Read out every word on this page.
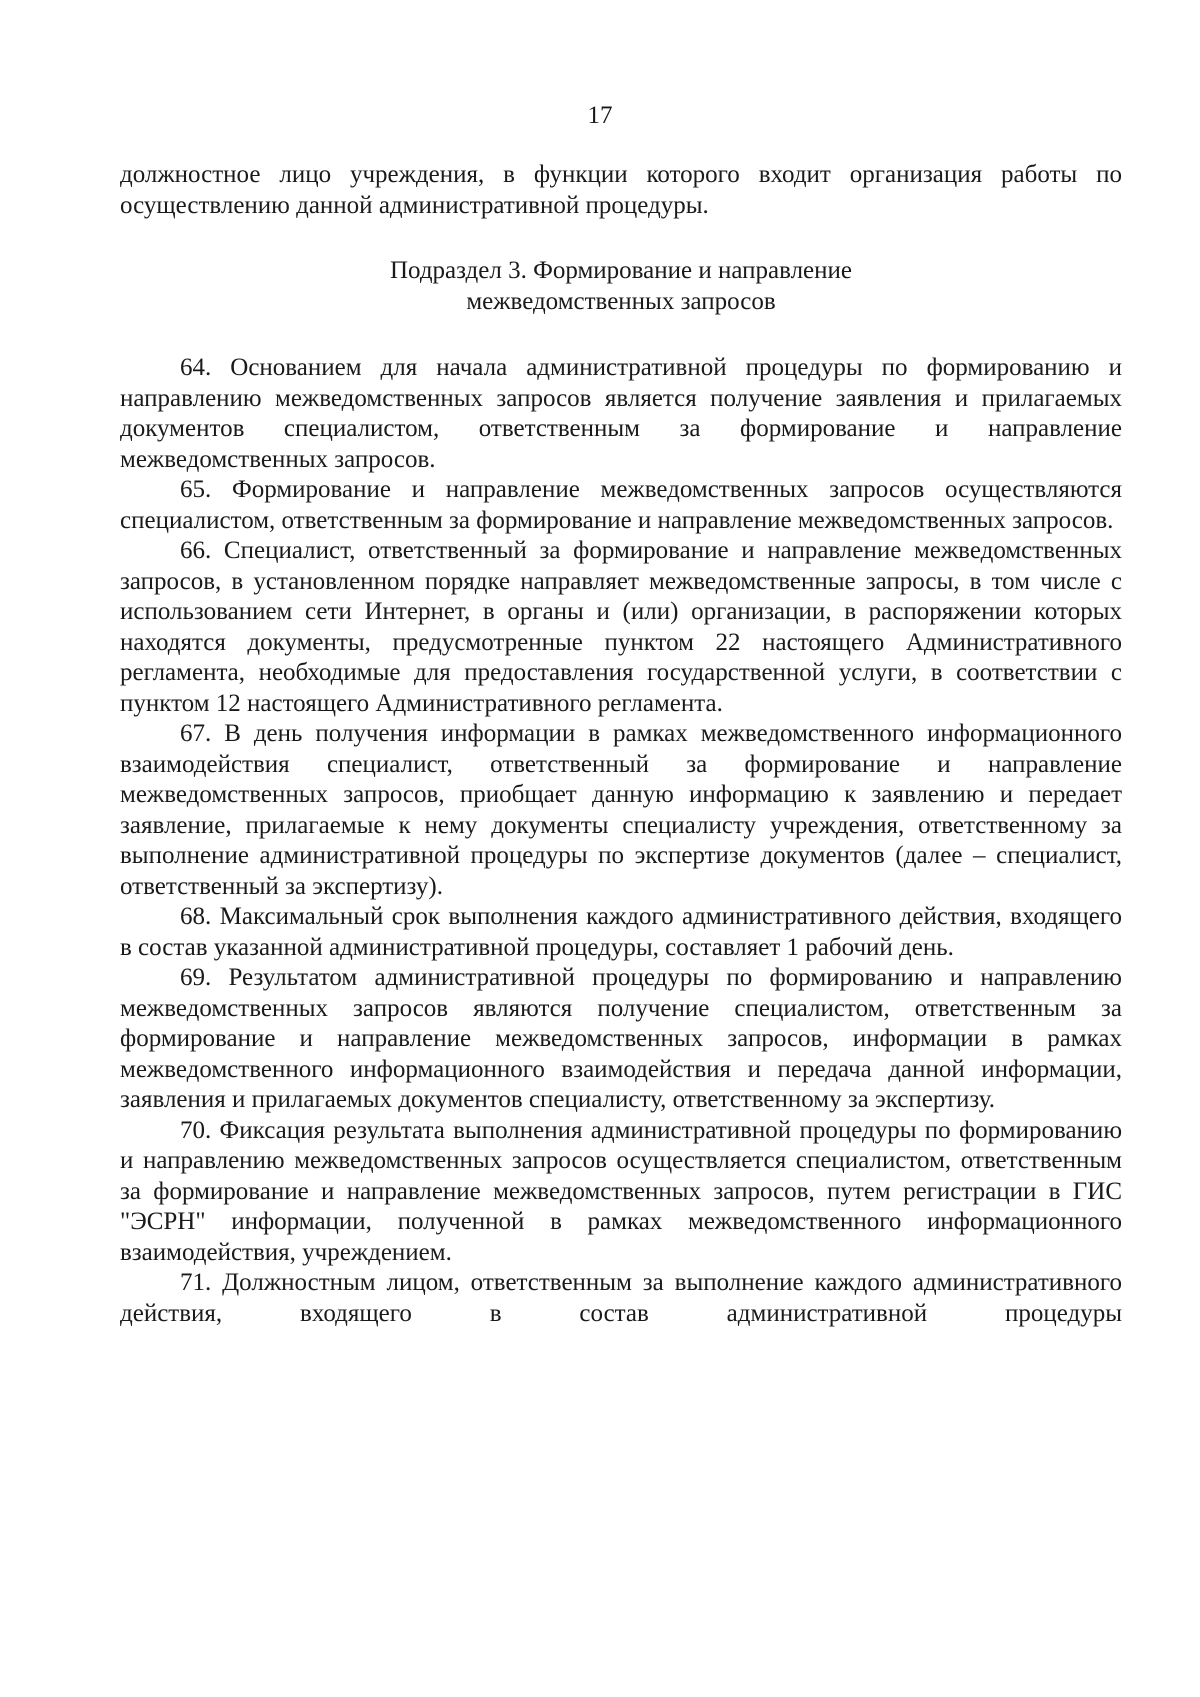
17

должностное лицо учреждения, в функции которого входит организация работы по осуществлению данной административной процедуры.

Подраздел 3. Формирование и направление
межведомственных запросов

64. Основанием для начала административной процедуры по формированию и направлению межведомственных запросов является получение заявления и прилагаемых документов специалистом, ответственным за формирование и направление межведомственных запросов.

65. Формирование и направление межведомственных запросов осуществляются специалистом, ответственным за формирование и направление межведомственных запросов.

66. Специалист, ответственный за формирование и направление межведомственных запросов, в установленном порядке направляет межведомственные запросы, в том числе с использованием сети Интернет, в органы и (или) организации, в распоряжении которых находятся документы, предусмотренные пунктом 22 настоящего Административного регламента, необходимые для предоставления государственной услуги, в соответствии с пунктом 12 настоящего Административного регламента.

67. В день получения информации в рамках межведомственного информационного взаимодействия специалист, ответственный за формирование и направление межведомственных запросов, приобщает данную информацию к заявлению и передает заявление, прилагаемые к нему документы специалисту учреждения, ответственному за выполнение административной процедуры по экспертизе документов (далее – специалист, ответственный за экспертизу).

68. Максимальный срок выполнения каждого административного действия, входящего в состав указанной административной процедуры, составляет 1 рабочий день.

69. Результатом административной процедуры по формированию и направлению межведомственных запросов являются получение специалистом, ответственным за формирование и направление межведомственных запросов, информации в рамках межведомственного информационного взаимодействия и передача данной информации, заявления и прилагаемых документов специалисту, ответственному за экспертизу.

70. Фиксация результата выполнения административной процедуры по формированию и направлению межведомственных запросов осуществляется специалистом, ответственным за формирование и направление межведомственных запросов, путем регистрации в ГИС "ЭСРН" информации, полученной в рамках межведомственного информационного взаимодействия, учреждением.

71. Должностным лицом, ответственным за выполнение каждого административного действия, входящего в состав административной процедуры
